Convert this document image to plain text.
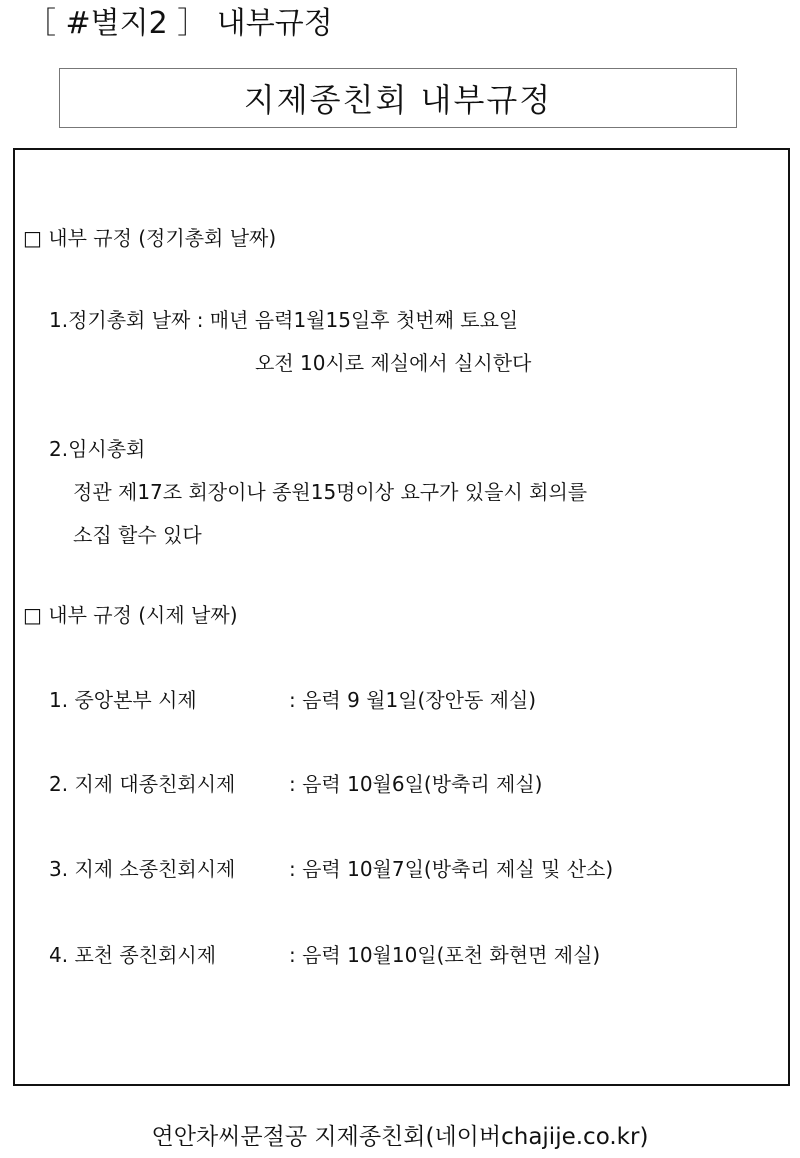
［ #별지2 ］ 내부규정
지제종친회 내부규정
□ 내부 규정 (정기총회 날짜)
1.정기총회 날짜 : 매년 음력1월15일후 첫번째 토요일
오전 10시로 제실에서 실시한다
2.임시총회
정관 제17조 회장이나 종원15명이상 요구가 있을시 회의를
소집 할수 있다
□ 내부 규정 (시제 날짜)
1. 중앙본부 시제	: 음력 9 월1일(장안동 제실)
2. 지제 대종친회시제	: 음력 10월6일(방축리 제실)
3. 지제 소종친회시제	: 음력 10월7일(방축리 제실 및 산소)
4. 포천 종친회시제	: 음력 10월10일(포천 화현면 제실)
연안차씨문절공 지제종친회(네이버chajije.co.kr)
